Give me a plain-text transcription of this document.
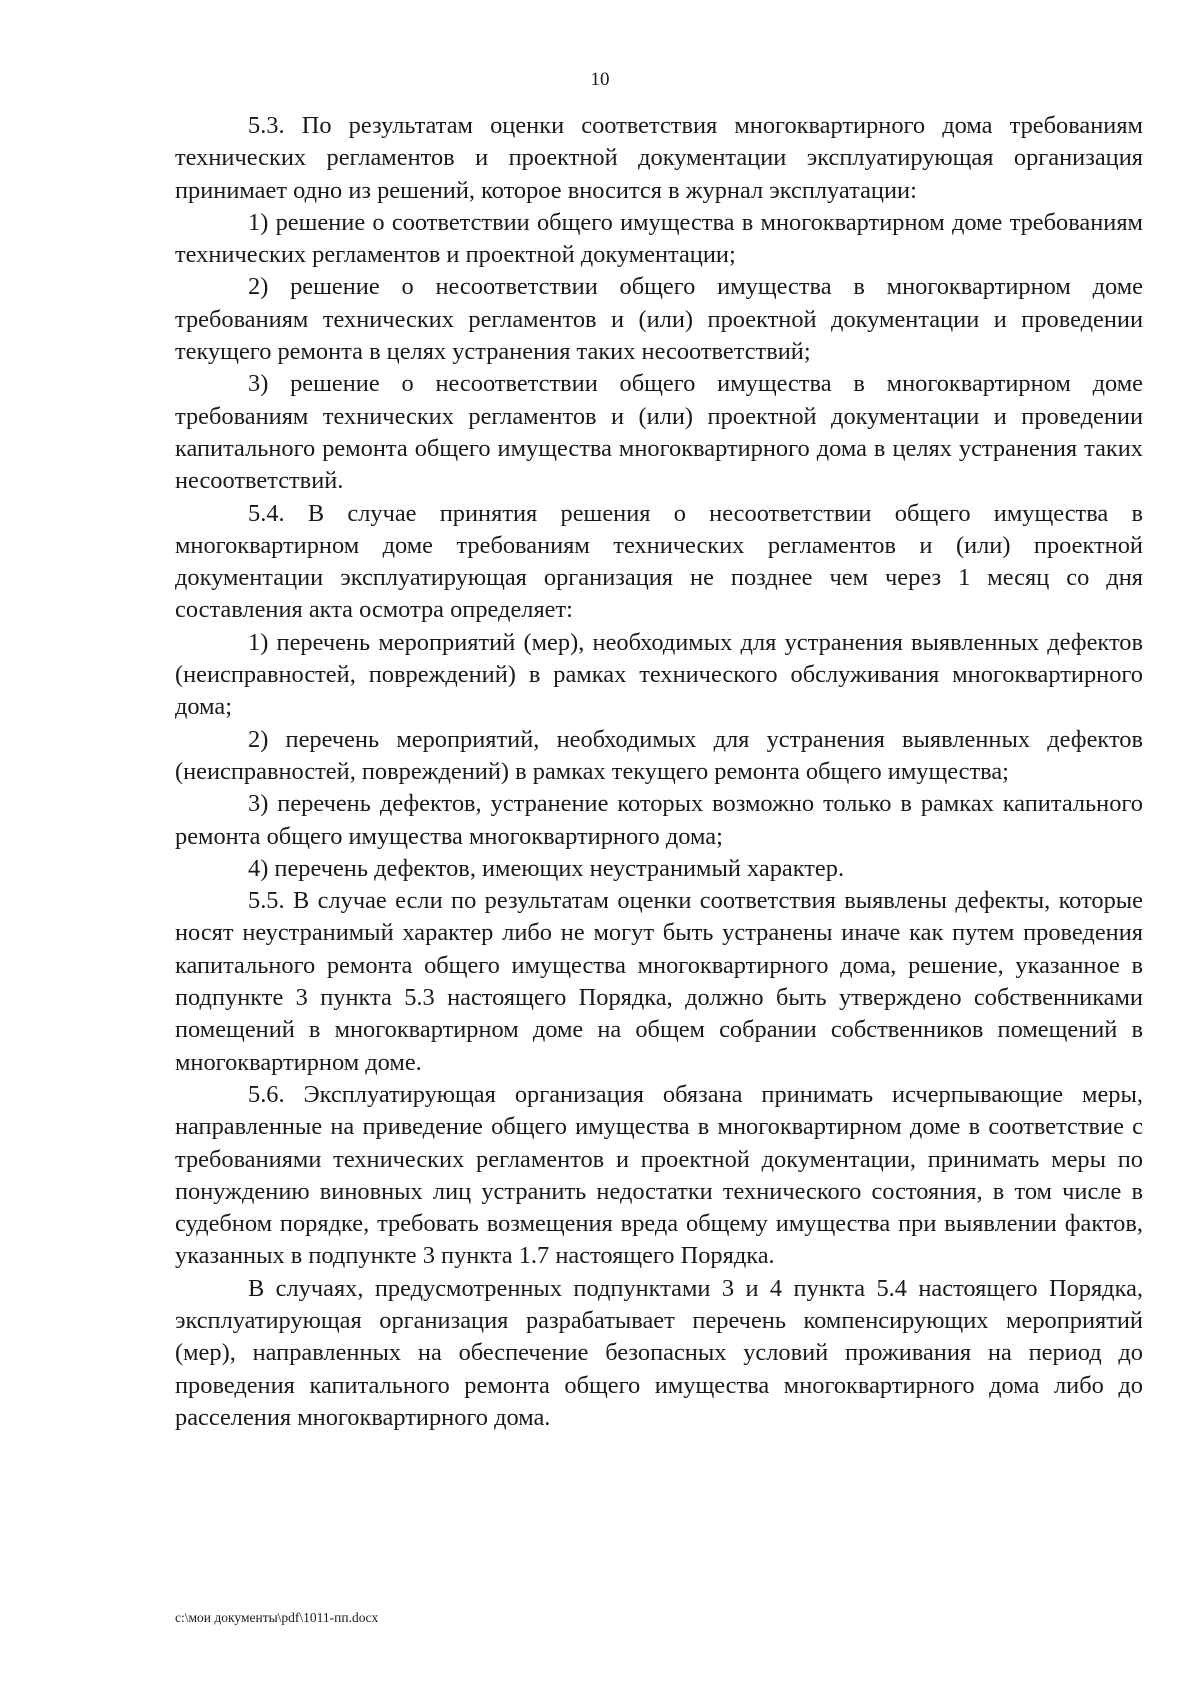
10

5.3. По результатам оценки соответствия многоквартирного дома требованиям технических регламентов и проектной документации эксплуатирующая организация принимает одно из решений, которое вносится в журнал эксплуатации:

1) решение о соответствии общего имущества в многоквартирном доме требованиям технических регламентов и проектной документации;

2) решение о несоответствии общего имущества в многоквартирном доме требованиям технических регламентов и (или) проектной документации и проведении текущего ремонта в целях устранения таких несоответствий;

3) решение о несоответствии общего имущества в многоквартирном доме требованиям технических регламентов и (или) проектной документации и проведении капитального ремонта общего имущества многоквартирного дома в целях устранения таких несоответствий.

5.4. В случае принятия решения о несоответствии общего имущества в многоквартирном доме требованиям технических регламентов и (или) проектной документации эксплуатирующая организация не позднее чем через 1 месяц со дня составления акта осмотра определяет:

1) перечень мероприятий (мер), необходимых для устранения выявленных дефектов (неисправностей, повреждений) в рамках технического обслуживания многоквартирного дома;

2) перечень мероприятий, необходимых для устранения выявленных дефектов (неисправностей, повреждений) в рамках текущего ремонта общего имущества;

3) перечень дефектов, устранение которых возможно только в рамках капитального ремонта общего имущества многоквартирного дома;

4) перечень дефектов, имеющих неустранимый характер.

5.5. В случае если по результатам оценки соответствия выявлены дефекты, которые носят неустранимый характер либо не могут быть устранены иначе как путем проведения капитального ремонта общего имущества многоквартирного дома, решение, указанное в подпункте 3 пункта 5.3 настоящего Порядка, должно быть утверждено собственниками помещений в многоквартирном доме на общем собрании собственников помещений в многоквартирном доме.

5.6. Эксплуатирующая организация обязана принимать исчерпывающие меры, направленные на приведение общего имущества в многоквартирном доме в соответствие с требованиями технических регламентов и проектной документации, принимать меры по понуждению виновных лиц устранить недостатки технического состояния, в том числе в судебном порядке, требовать возмещения вреда общему имущества при выявлении фактов, указанных в подпункте 3 пункта 1.7 настоящего Порядка.

В случаях, предусмотренных подпунктами 3 и 4 пункта 5.4 настоящего Порядка, эксплуатирующая организация разрабатывает перечень компенсирующих мероприятий (мер), направленных на обеспечение безопасных условий проживания на период до проведения капитального ремонта общего имущества многоквартирного дома либо до расселения многоквартирного дома.

c:\мои документы\pdf\1011-пп.docx
